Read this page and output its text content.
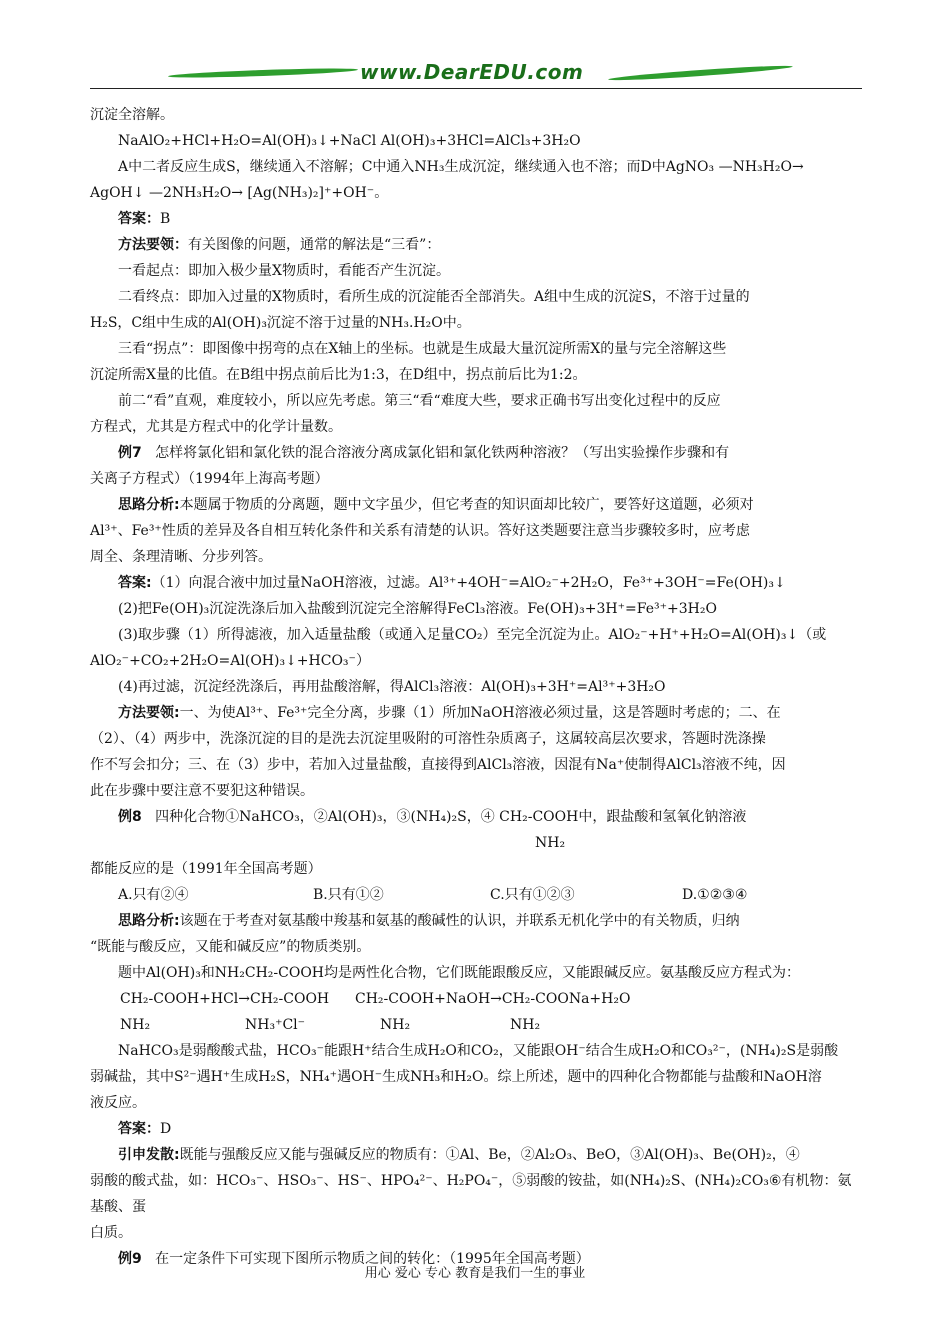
www.DearEDU.com

沉淀全溶解。

NaAlO₂+HCl+H₂O=Al(OH)₃↓+NaCl Al(OH)₃+3HCl=AlCl₃+3H₂O

A中二者反应生成S，继续通入不溶解；C中通入NH₃生成沉淀，继续通入也不溶；而D中AgNO₃ —NH₃H₂O→

AgOH↓ —2NH₃H₂O→ [Ag(NH₃)₂]⁺+OH⁻。

答案：B

方法要领：有关图像的问题，通常的解法是“三看”：

一看起点：即加入极少量X物质时，看能否产生沉淀。

二看终点：即加入过量的X物质时，看所生成的沉淀能否全部消失。A组中生成的沉淀S，不溶于过量的

H₂S，C组中生成的Al(OH)₃沉淀不溶于过量的NH₃.H₂O中。

三看“拐点”：即图像中拐弯的点在X轴上的坐标。也就是生成最大量沉淀所需X的量与完全溶解这些

沉淀所需X量的比值。在B组中拐点前后比为1:3，在D组中，拐点前后比为1:2。

前二“看”直观，难度较小，所以应先考虑。第三“看“难度大些，要求正确书写出变化过程中的反应

方程式，尤其是方程式中的化学计量数。

例7 怎样将氯化铝和氯化铁的混合溶液分离成氯化铝和氯化铁两种溶液？（写出实验操作步骤和有

关离子方程式）（1994年上海高考题）

思路分析:本题属于物质的分离题，题中文字虽少，但它考查的知识面却比较广，要答好这道题，必须对

Al³⁺、Fe³⁺性质的差异及各自相互转化条件和关系有清楚的认识。答好这类题要注意当步骤较多时，应考虑

周全、条理清晰、分步列答。

答案:（1）向混合液中加过量NaOH溶液，过滤。Al³⁺+4OH⁻=AlO₂⁻+2H₂O，Fe³⁺+3OH⁻=Fe(OH)₃↓

(2)把Fe(OH)₃沉淀洗涤后加入盐酸到沉淀完全溶解得FeCl₃溶液。Fe(OH)₃+3H⁺=Fe³⁺+3H₂O

(3)取步骤（1）所得滤液，加入适量盐酸（或通入足量CO₂）至完全沉淀为止。AlO₂⁻+H⁺+H₂O=Al(OH)₃↓（或

AlO₂⁻+CO₂+2H₂O=Al(OH)₃↓+HCO₃⁻）

(4)再过滤，沉淀经洗涤后，再用盐酸溶解，得AlCl₃溶液：Al(OH)₃+3H⁺=Al³⁺+3H₂O

方法要领:一、为使Al³⁺、Fe³⁺完全分离，步骤（1）所加NaOH溶液必须过量，这是答题时考虑的；二、在

（2）、（4）两步中，洗涤沉淀的目的是洗去沉淀里吸附的可溶性杂质离子，这属较高层次要求，答题时洗涤操

作不写会扣分；三、在（3）步中，若加入过量盐酸，直接得到AlCl₃溶液，因混有Na⁺使制得AlCl₃溶液不纯，因

此在步骤中要注意不要犯这种错误。

例8 四种化合物①NaHCO₃，②Al(OH)₃，③(NH₄)₂S，④ CH₂-COOH中，跟盐酸和氢氧化钠溶液

NH₂

都能反应的是（1991年全国高考题）

A.只有②④	B.只有①②	C.只有①②③	D.①②③④

思路分析:该题在于考查对氨基酸中羧基和氨基的酸碱性的认识，并联系无机化学中的有关物质，归纳

“既能与酸反应，又能和碱反应”的物质类别。

题中Al(OH)₃和NH₂CH₂-COOH均是两性化合物，它们既能跟酸反应，又能跟碱反应。氨基酸反应方程式为：

CH₂-COOH+HCl→CH₂-COOH CH₂-COOH+NaOH→CH₂-COONa+H₂O
NH₂	NH₃⁺Cl⁻	NH₂	NH₂

NaHCO₃是弱酸酸式盐，HCO₃⁻能跟H⁺结合生成H₂O和CO₂，又能跟OH⁻结合生成H₂O和CO₃²⁻，(NH₄)₂S是弱酸

弱碱盐，其中S²⁻遇H⁺生成H₂S，NH₄⁺遇OH⁻生成NH₃和H₂O。综上所述，题中的四种化合物都能与盐酸和NaOH溶

液反应。

答案：D

引申发散:既能与强酸反应又能与强碱反应的物质有：①Al、Be，②Al₂O₃、BeO，③Al(OH)₃、Be(OH)₂，④

弱酸的酸式盐，如：HCO₃⁻、HSO₃⁻、HS⁻、HPO₄²⁻、H₂PO₄⁻，⑤弱酸的铵盐，如(NH₄)₂S、(NH₄)₂CO₃⑥有机物：氨基酸、蛋

白质。

例9 在一定条件下可实现下图所示物质之间的转化：（1995年全国高考题）

用心 爱心 专心 教育是我们一生的事业
